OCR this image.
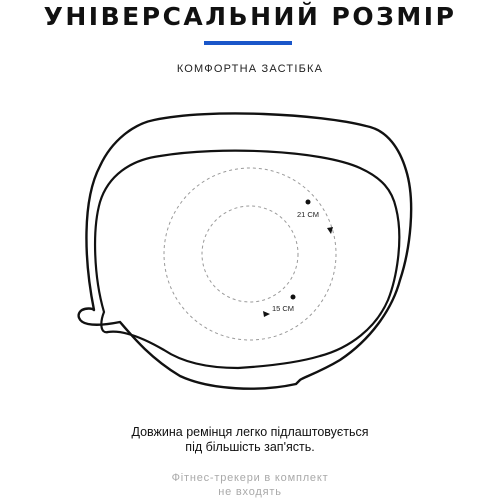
УНІВЕРСАЛЬНИЙ РОЗМІР
КОМФОРТНА ЗАСТІБКА
21 СМ
15 СМ
Довжина ремінця легко підлаштовується
під більшість зап'ясть.
Фітнес-трекери в комплект
не входять
